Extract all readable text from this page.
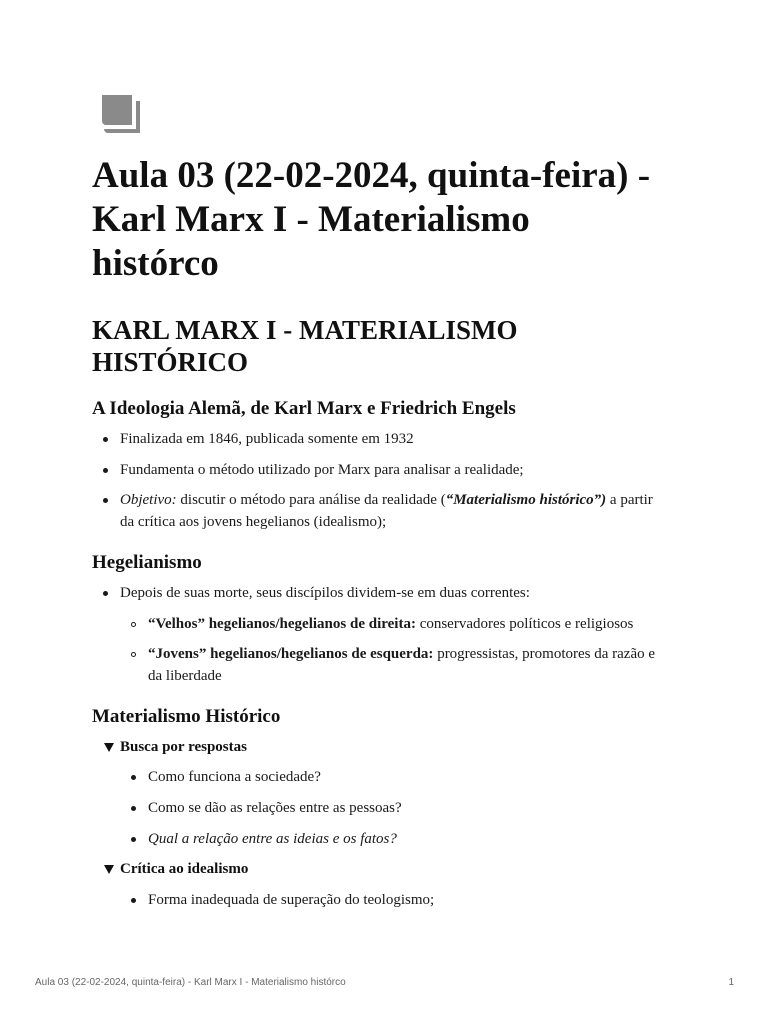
Aula 03 (22-02-2024, quinta-feira) -
Karl Marx I - Materialismo
histórco
KARL MARX I - MATERIALISMO
HISTÓRICO
A Ideologia Alemã, de Karl Marx e Friedrich Engels
Finalizada em 1846, publicada somente em 1932
Fundamenta o método utilizado por Marx para analisar a realidade;
Objetivo: discutir o método para análise da realidade (“Materialismo histórico”) a partir
da crítica aos jovens hegelianos (idealismo);
Hegelianismo
Depois de suas morte, seus discípilos dividem-se em duas correntes:
“Velhos” hegelianos/hegelianos de direita: conservadores políticos e religiosos
“Jovens” hegelianos/hegelianos de esquerda: progressistas, promotores da razão e
da liberdade
Materialismo Histórico
Busca por respostas
Como funciona a sociedade?
Como se dão as relações entre as pessoas?
Qual a relação entre as ideias e os fatos?
Crítica ao idealismo
Forma inadequada de superação do teologismo;
Aula 03 (22-02-2024, quinta-feira) - Karl Marx I - Materialismo histórco	1
